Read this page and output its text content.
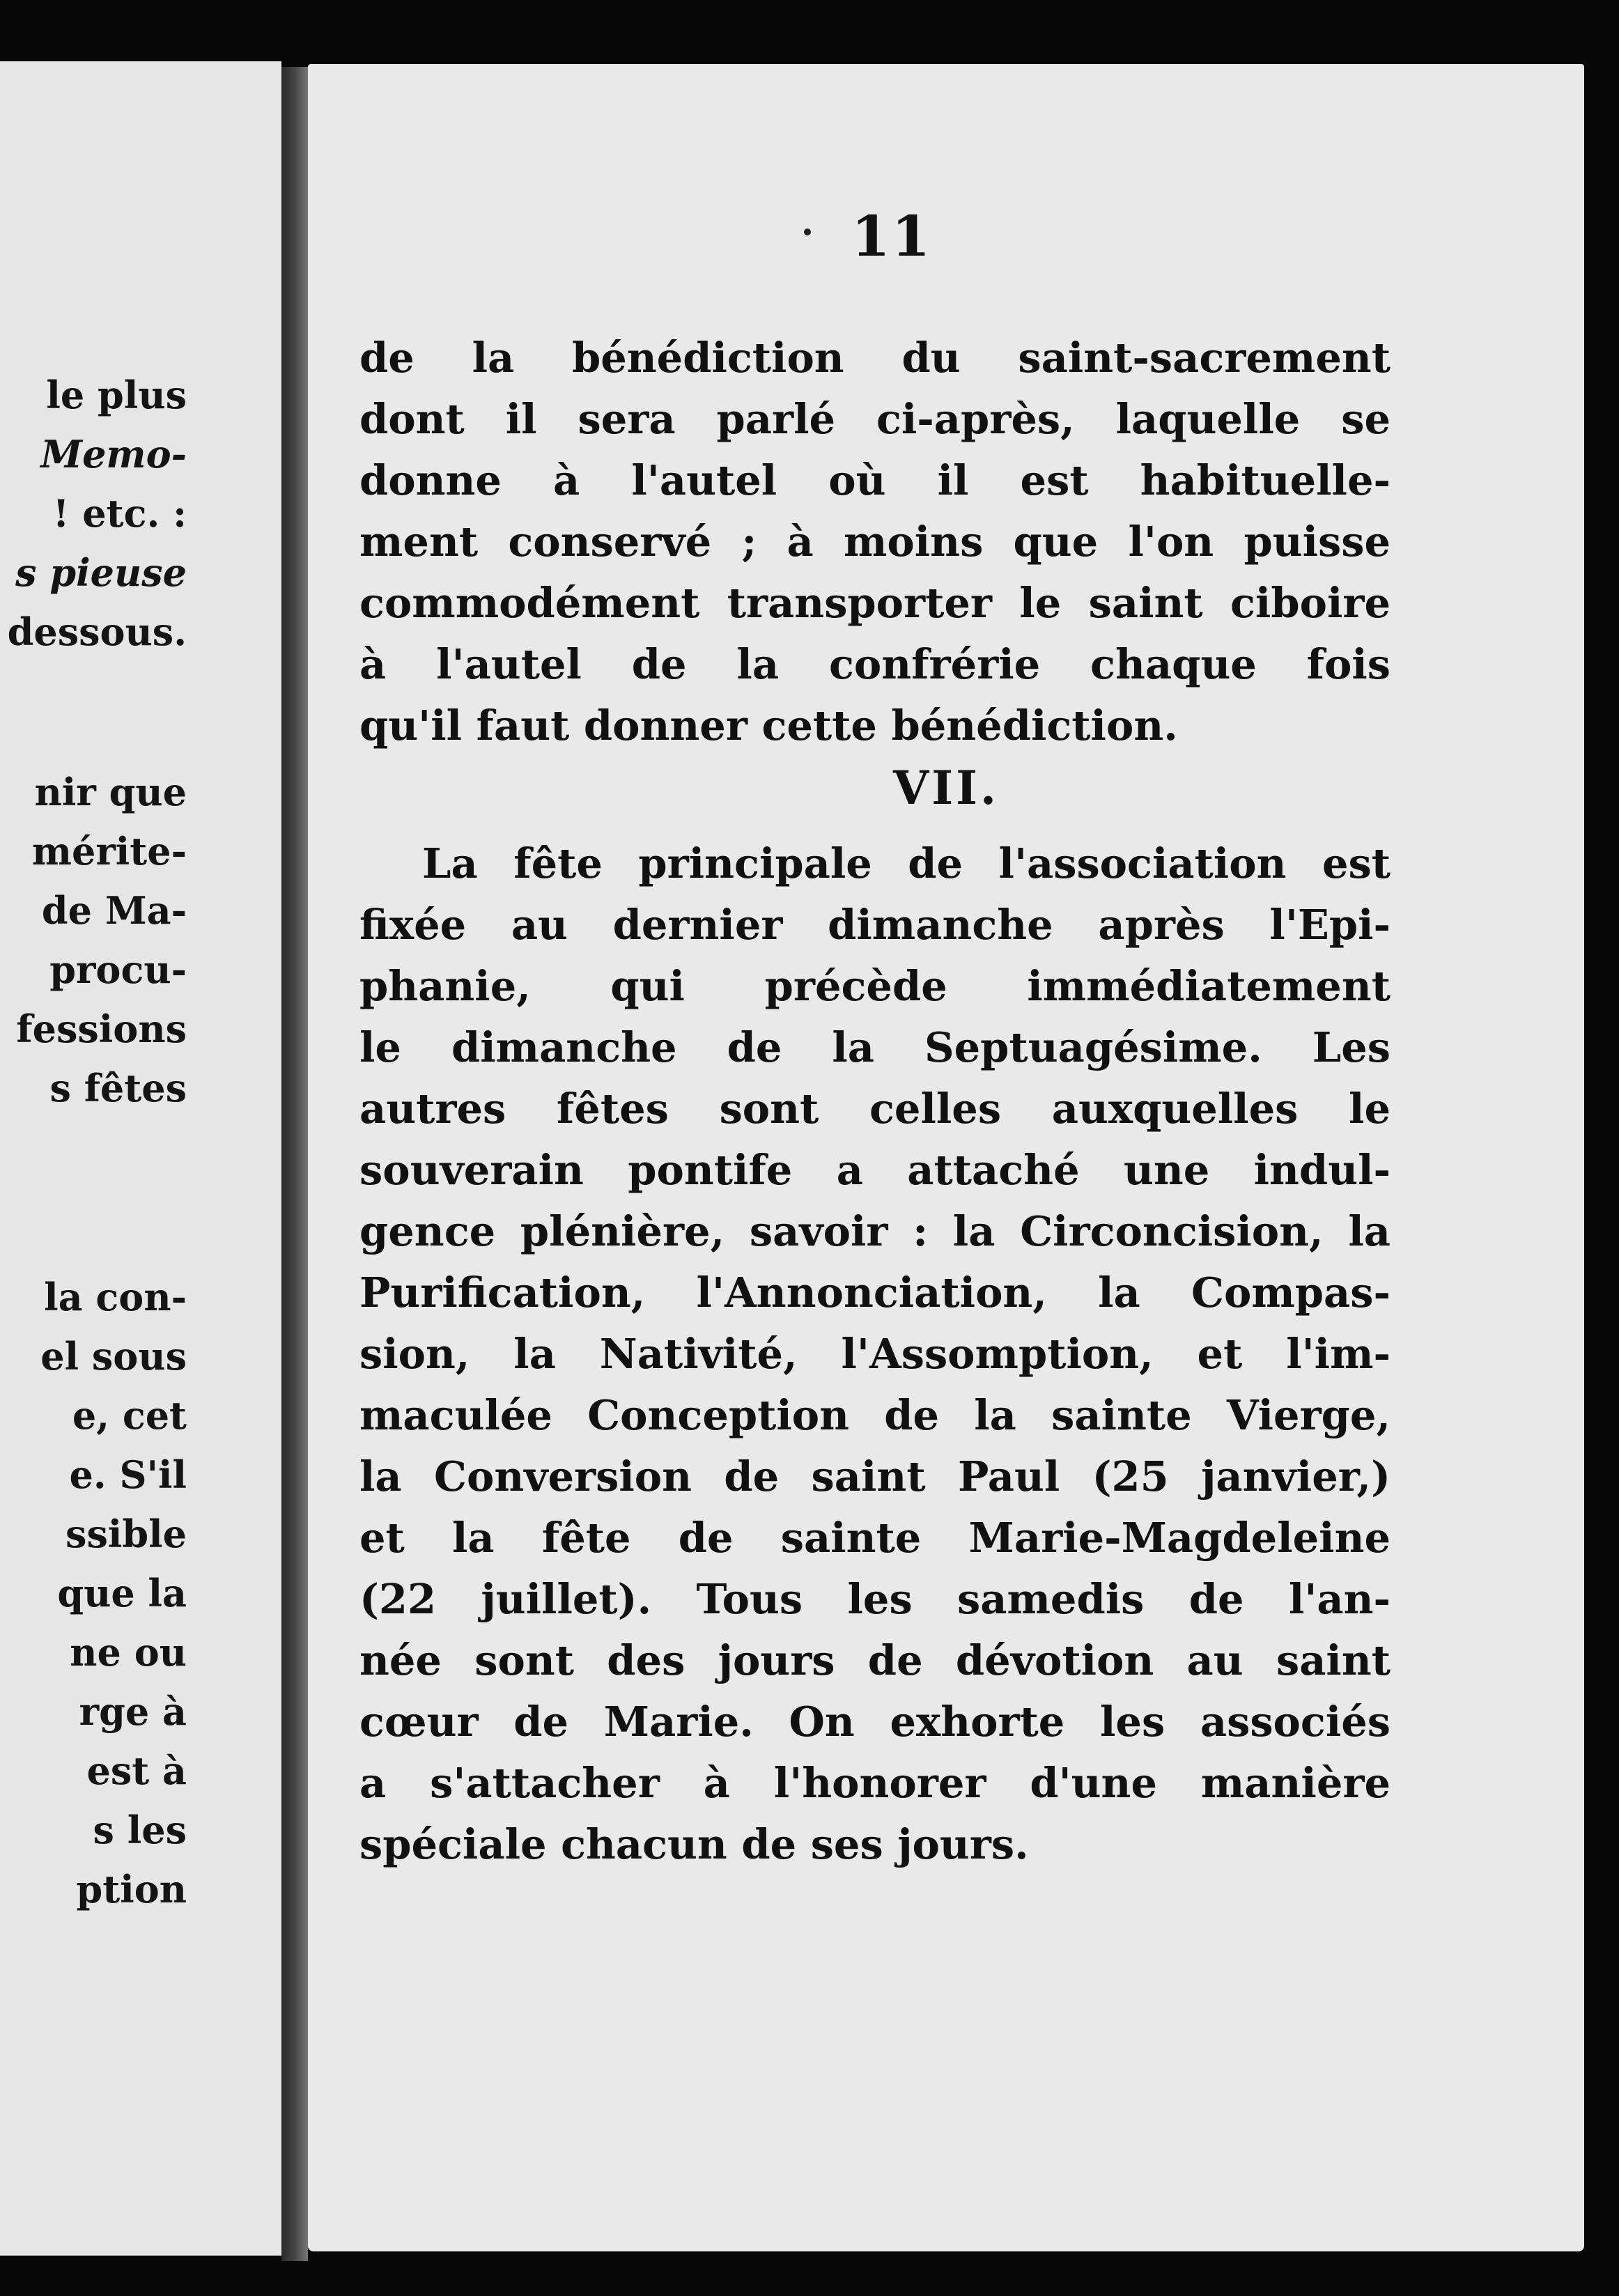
le plus
Memo-
! etc. :
s pieuse
dessous.
nir que
mérite-
de Ma-
procu-
fessions
s fêtes
la con-
el sous
e, cet
e. S'il
ssible
que la
ne ou
rge à
est à
s les
ption
11
de la bénédiction du saint-sacrement
dont il sera parlé ci-après, laquelle se
donne à l'autel où il est habituelle-
ment conservé ; à moins que l'on puisse
commodément transporter le saint ciboire
à l'autel de la confrérie chaque fois
qu'il faut donner cette bénédiction.
VII.
La fête principale de l'association est
fixée au dernier dimanche après l'Epi-
phanie, qui précède immédiatement
le dimanche de la Septuagésime. Les
autres fêtes sont celles auxquelles le
souverain pontife a attaché une indul-
gence plénière, savoir : la Circoncision, la
Purification, l'Annonciation, la Compas-
sion, la Nativité, l'Assomption, et l'im-
maculée Conception de la sainte Vierge,
la Conversion de saint Paul (25 janvier,)
et la fête de sainte Marie-Magdeleine
(22 juillet). Tous les samedis de l'an-
née sont des jours de dévotion au saint
cœur de Marie. On exhorte les associés
a s'attacher à l'honorer d'une manière
spéciale chacun de ses jours.
